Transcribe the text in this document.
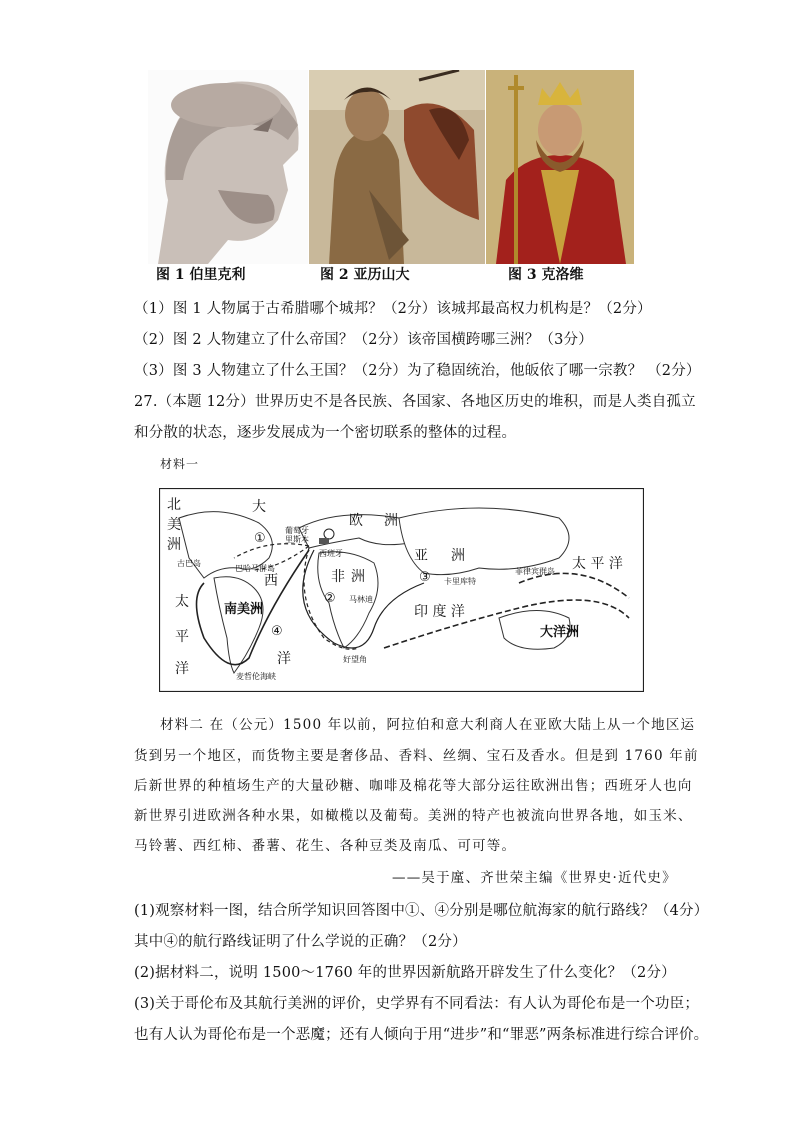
图 1 伯里克利	图 2 亚历山大	图 3 克洛维
（1）图 1 人物属于古希腊哪个城邦？（2分）该城邦最高权力机构是？（2分）
（2）图 2 人物建立了什么帝国？（2分）该帝国横跨哪三洲？（3分）
（3）图 3 人物建立了什么王国？（2分）为了稳固统治，他皈依了哪一宗教？ （2分）
27.（本题 12分）世界历史不是各民族、各国家、各地区历史的堆积，而是人类自孤立
和分散的状态，逐步发展成为一个密切联系的整体的过程。
材料一
北
美
洲
大
欧 洲
亚 洲
非 洲
西
南美洲
洋
太
平
洋
印 度 洋
太 平 洋
大洋洲
葡萄牙
里斯本
西班牙
古巴岛
巴哈马群岛
马林迪
卡里库特
菲律宾群岛
好望角
麦哲伦海峡
①
②
③
④
材料二 在（公元）1500 年以前，阿拉伯和意大利商人在亚欧大陆上从一个地区运
货到另一个地区，而货物主要是奢侈品、香料、丝绸、宝石及香水。但是到 1760 年前
后新世界的种植场生产的大量砂糖、咖啡及棉花等大部分运往欧洲出售；西班牙人也向
新世界引进欧洲各种水果，如橄榄以及葡萄。美洲的特产也被流向世界各地，如玉米、
马铃薯、西红柿、番薯、花生、各种豆类及南瓜、可可等。
——吴于廑、齐世荣主编《世界史·近代史》
(1)观察材料一图，结合所学知识回答图中①、④分别是哪位航海家的航行路线？（4分）
其中④的航行路线证明了什么学说的正确？（2分）
(2)据材料二，说明 1500～1760 年的世界因新航路开辟发生了什么变化？（2分）
(3)关于哥伦布及其航行美洲的评价，史学界有不同看法：有人认为哥伦布是一个功臣；
也有人认为哥伦布是一个恶魔；还有人倾向于用“进步”和“罪恶”两条标准进行综合评价。
